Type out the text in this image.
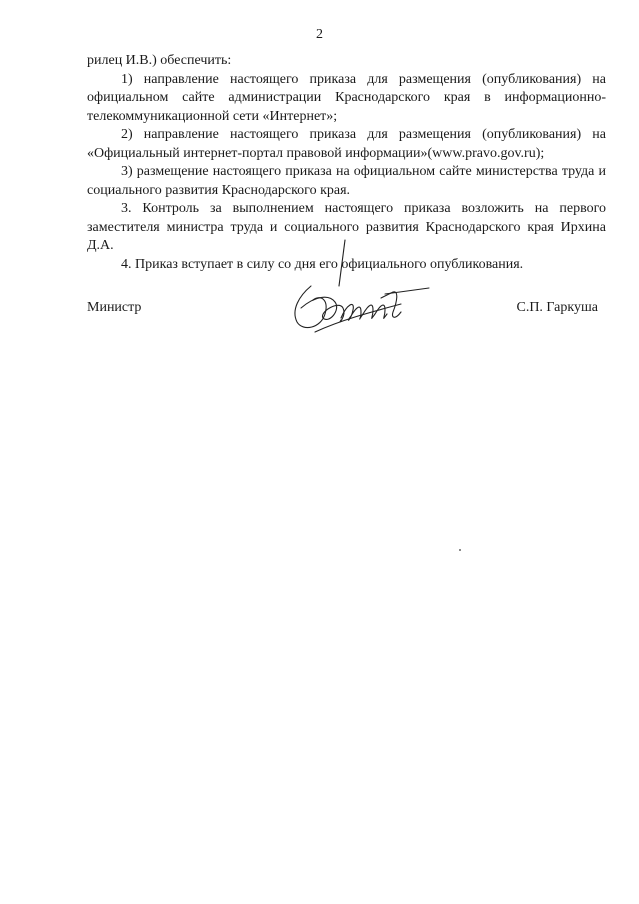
2

рилец И.В.) обеспечить:

1) направление настоящего приказа для размещения (опубликования) на официальном сайте администрации Краснодарского края в информационно-телекоммуникационной сети «Интернет»;

2) направление настоящего приказа для размещения (опубликования) на «Официальный интернет-портал правовой информации»(www.pravo.gov.ru);

3) размещение настоящего приказа на официальном сайте министерства труда и социального развития Краснодарского края.

3. Контроль за выполнением настоящего приказа возложить на первого заместителя министра труда и социального развития Краснодарского края Ирхина Д.А.

4. Приказ вступает в силу со дня его официального опубликования.

Министр	С.П. Гаркуша
